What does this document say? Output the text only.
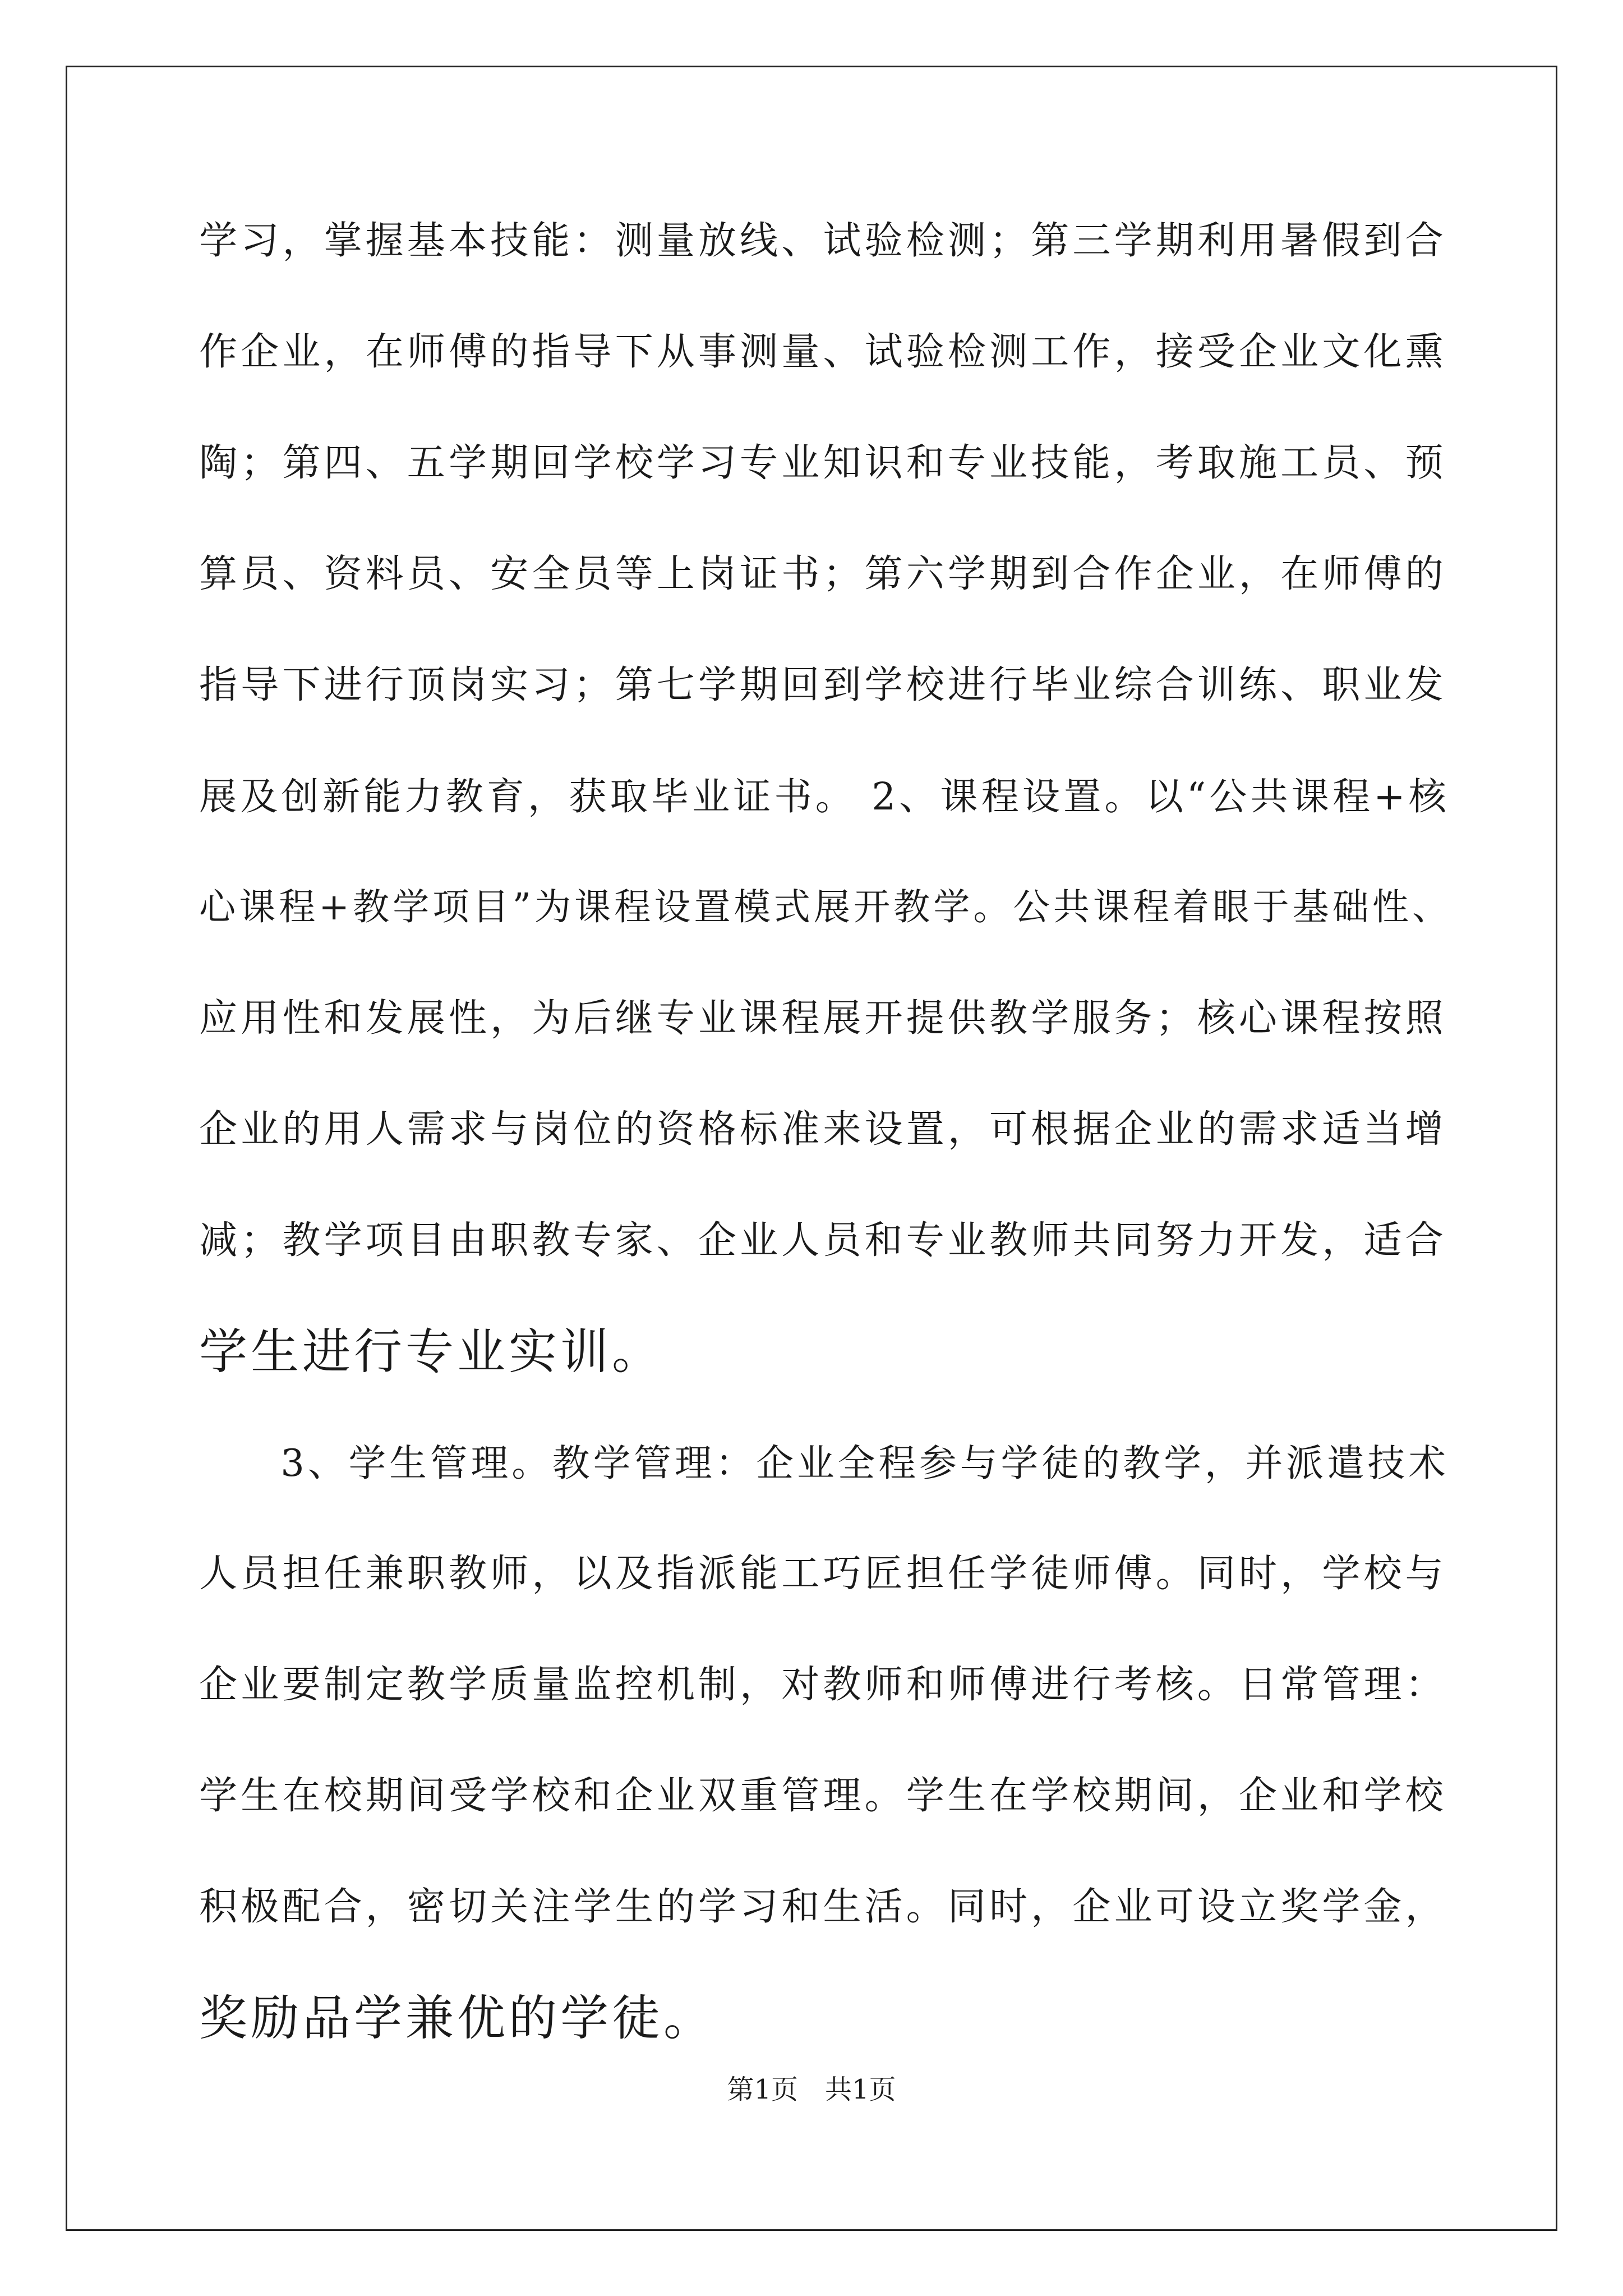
学习，掌握基本技能：测量放线、试验检测；第三学期利用暑假到合
作企业，在师傅的指导下从事测量、试验检测工作，接受企业文化熏
陶；第四、五学期回学校学习专业知识和专业技能，考取施工员、预
算员、资料员、安全员等上岗证书；第六学期到合作企业，在师傅的
指导下进行顶岗实习；第七学期回到学校进行毕业综合训练、职业发
展及创新能力教育，获取毕业证书。 2、课程设置。以“公共课程+核
心课程+教学项目”为课程设置模式展开教学。公共课程着眼于基础性、
应用性和发展性，为后继专业课程展开提供教学服务；核心课程按照
企业的用人需求与岗位的资格标准来设置，可根据企业的需求适当增
减；教学项目由职教专家、企业人员和专业教师共同努力开发，适合
学生进行专业实训。
　　3、学生管理。教学管理：企业全程参与学徒的教学，并派遣技术
人员担任兼职教师，以及指派能工巧匠担任学徒师傅。同时，学校与
企业要制定教学质量监控机制，对教师和师傅进行考核。日常管理：
学生在校期间受学校和企业双重管理。学生在学校期间，企业和学校
积极配合，密切关注学生的学习和生活。同时，企业可设立奖学金，
奖励品学兼优的学徒。
第1页　共1页
